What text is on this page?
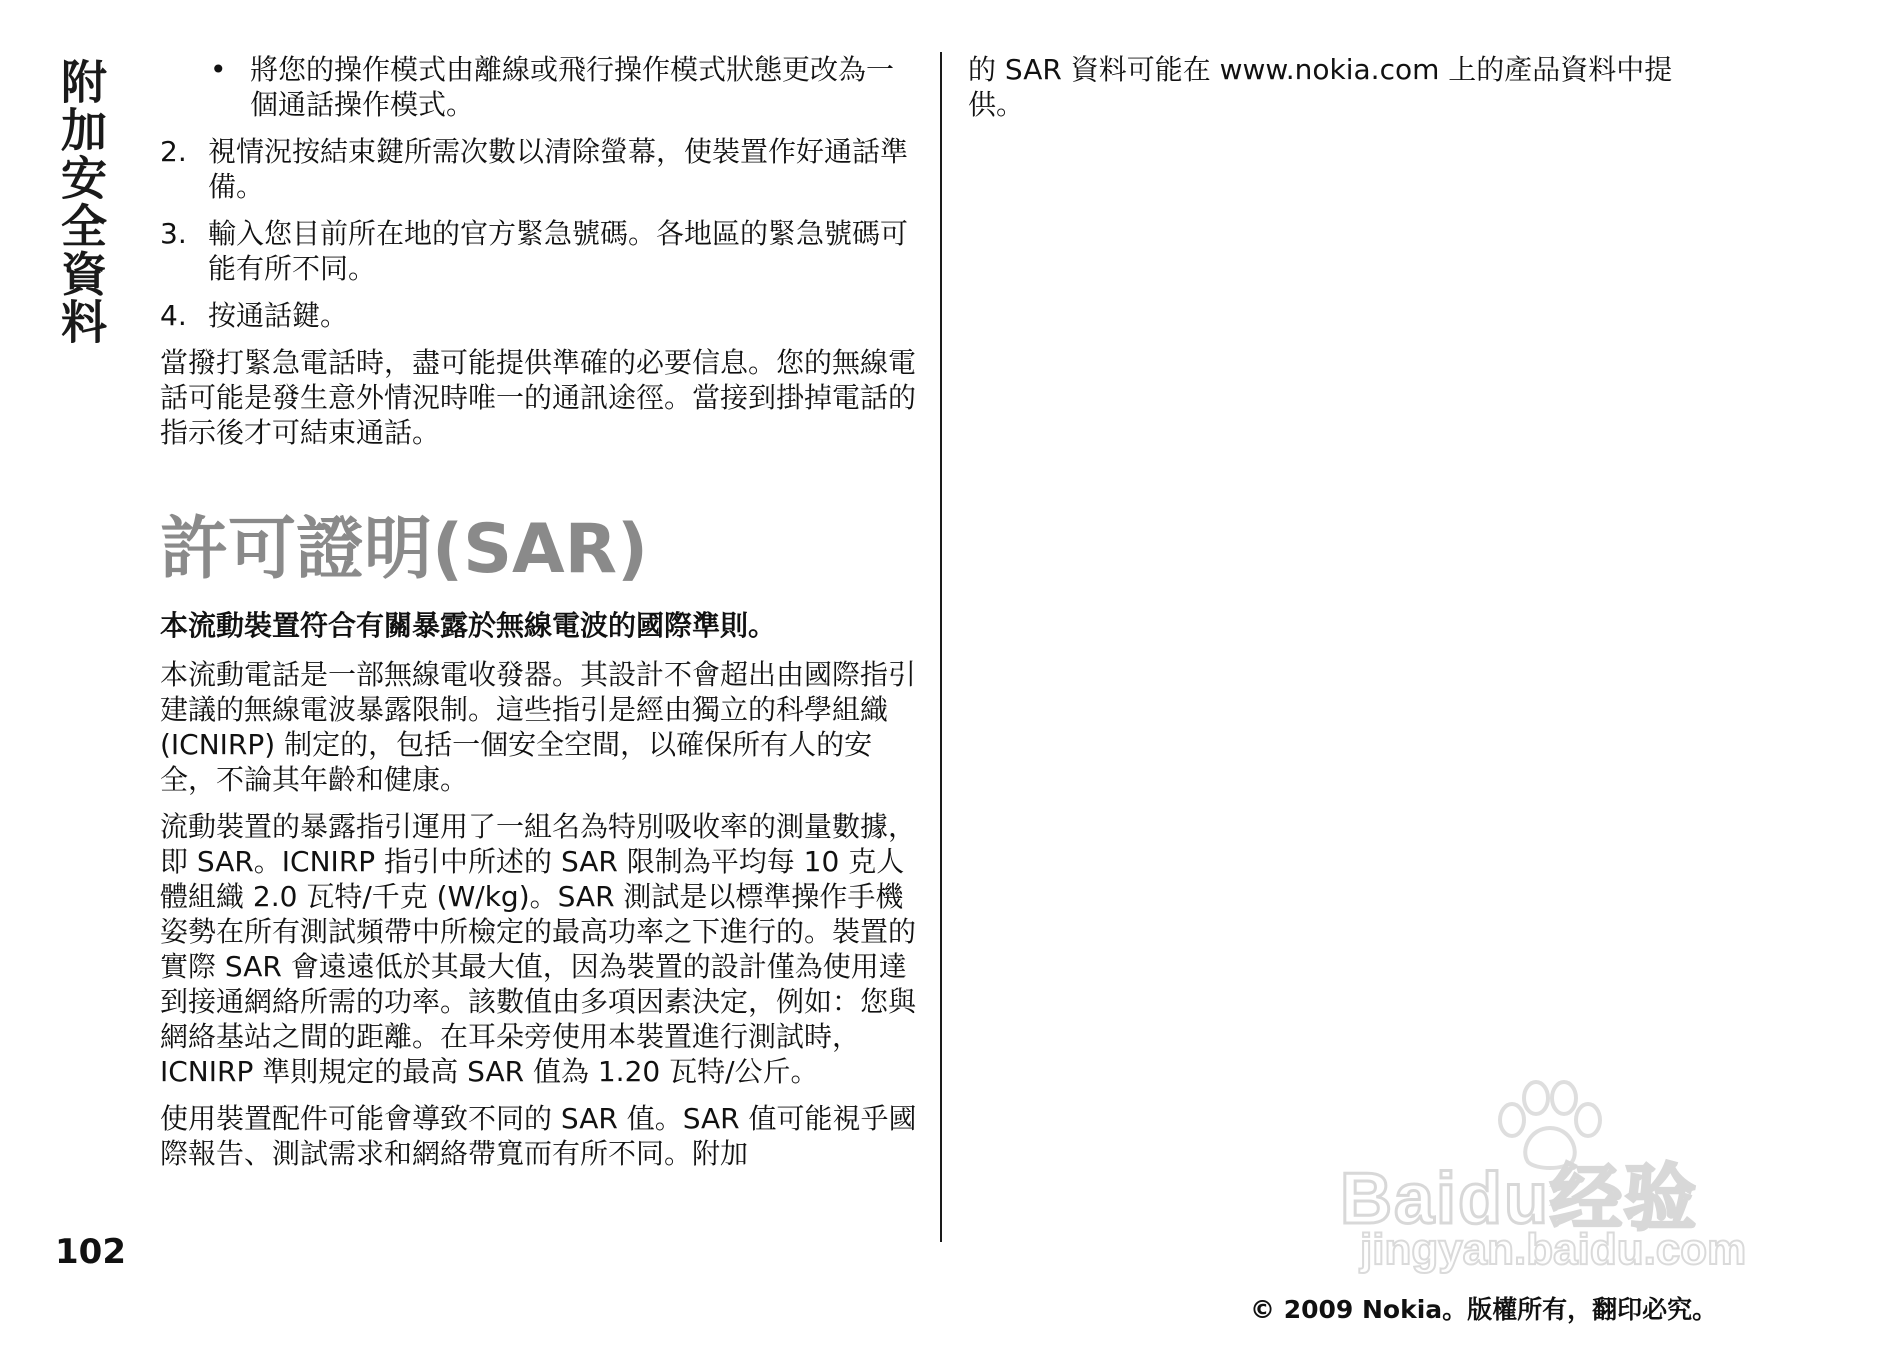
附加安全資料	• 將您的操作模式由離線或飛行操作模式狀態更改為一個通話操作模式。
2. 視情況按結束鍵所需次數以清除螢幕，使裝置作好通話準備。
3. 輸入您目前所在地的官方緊急號碼。各地區的緊急號碼可能有所不同。
4. 按通話鍵。

當撥打緊急電話時，盡可能提供準確的必要信息。您的無線電話可能是發生意外情況時唯一的通訊途徑。當接到掛掉電話的指示後才可結束通話。

許可證明(SAR)

本流動裝置符合有關暴露於無線電波的國際準則。

本流動電話是一部無線電收發器。其設計不會超出由國際指引建議的無線電波暴露限制。這些指引是經由獨立的科學組織 (ICNIRP) 制定的，包括一個安全空間，以確保所有人的安全，不論其年齡和健康。

流動裝置的暴露指引運用了一組名為特別吸收率的測量數據，即 SAR。ICNIRP 指引中所述的 SAR 限制為平均每 10 克人體組織 2.0 瓦特/千克 (W/kg)。SAR 測試是以標準操作手機姿勢在所有測試頻帶中所檢定的最高功率之下進行的。裝置的實際 SAR 會遠遠低於其最大值，因為裝置的設計僅為使用達到接通網絡所需的功率。該數值由多項因素決定，例如：您與網絡基站之間的距離。在耳朵旁使用本裝置進行測試時，ICNIRP 準則規定的最高 SAR 值為 1.20 瓦特/公斤。

使用裝置配件可能會導致不同的 SAR 值。SAR 值可能視乎國際報告、測試需求和網絡帶寬而有所不同。附加

的 SAR 資料可能在 www.nokia.com 上的產品資料中提供。

102
Baidu经验
jingyan.baidu.com
© 2009 Nokia。版權所有，翻印必究。
